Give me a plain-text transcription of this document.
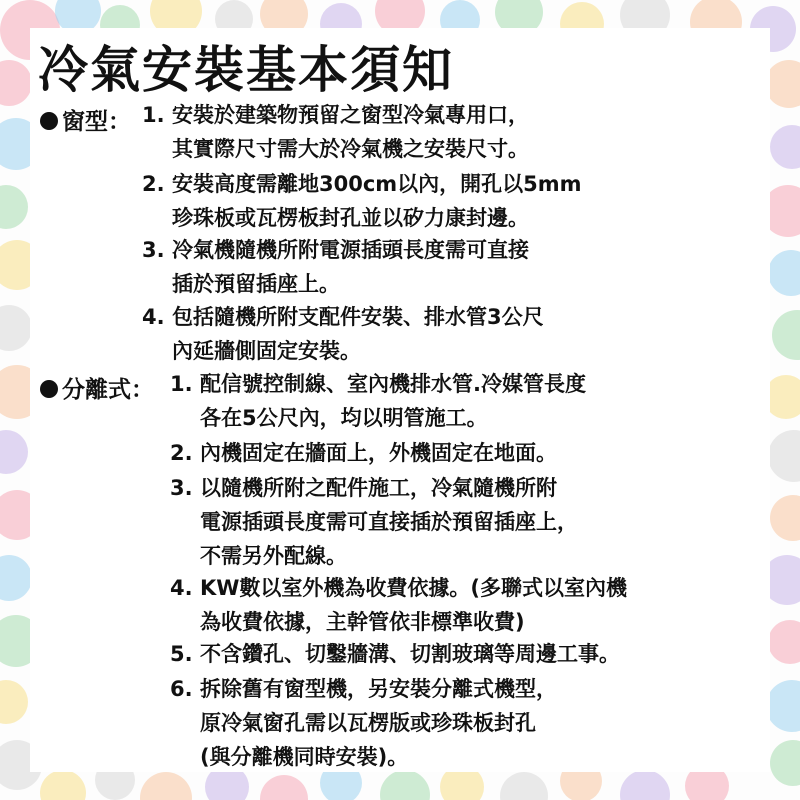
冷氣安裝基本須知
窗型： 1. 安裝於建築物預留之窗型冷氣專用口，
其實際尺寸需大於冷氣機之安裝尺寸。
2. 安裝高度需離地300cm以內，開孔以5mm
珍珠板或瓦楞板封孔並以矽力康封邊。
3. 冷氣機隨機所附電源插頭長度需可直接
插於預留插座上。
4. 包括隨機所附支配件安裝、排水管3公尺
內延牆側固定安裝。
分離式： 1. 配信號控制線、室內機排水管.冷媒管長度
各在5公尺內，均以明管施工。
2. 內機固定在牆面上，外機固定在地面。
3. 以隨機所附之配件施工，冷氣隨機所附
電源插頭長度需可直接插於預留插座上，
不需另外配線。
4. KW數以室外機為收費依據。(多聯式以室內機
為收費依據，主幹管依非標準收費)
5. 不含鑽孔、切鑿牆溝、切割玻璃等周邊工事。
6. 拆除舊有窗型機，另安裝分離式機型，
原冷氣窗孔需以瓦楞版或珍珠板封孔
(與分離機同時安裝)。
